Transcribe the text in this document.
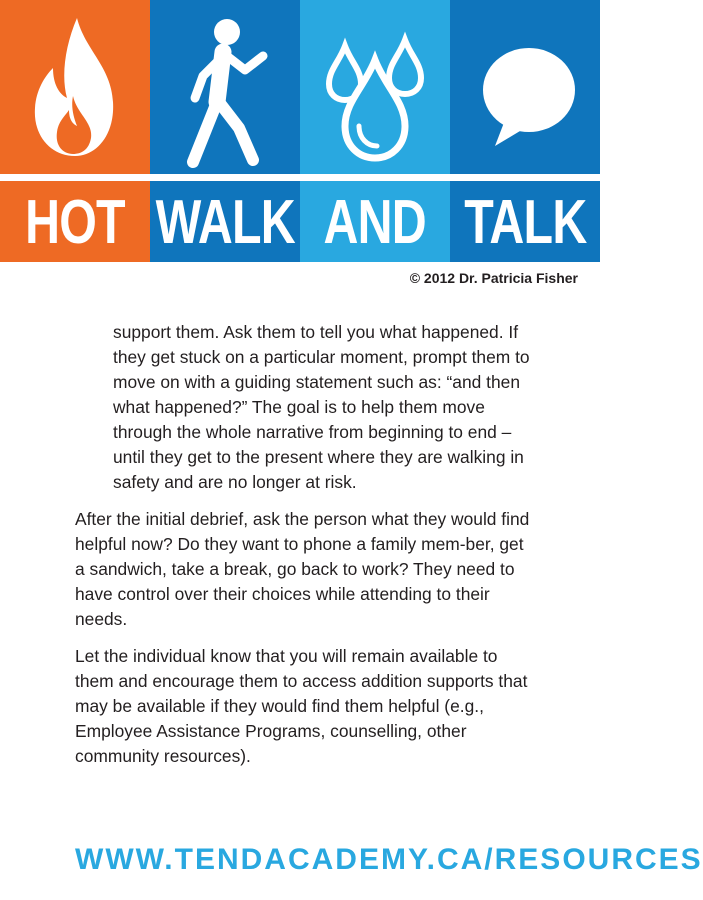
HOT WALK AND TALK
© 2012 Dr. Patricia Fisher

support them. Ask them to tell you what happened. If they get stuck on a particular moment, prompt them to move on with a guiding statement such as: “and then what happened?” The goal is to help them move through the whole narrative from beginning to end – until they get to the present where they are walking in safety and are no longer at risk.

After the initial debrief, ask the person what they would find helpful now? Do they want to phone a family mem-ber, get a sandwich, take a break, go back to work? They need to have control over their choices while attending to their needs.

Let the individual know that you will remain available to them and encourage them to access addition supports that may be available if they would find them helpful (e.g., Employee Assistance Programs, counselling, other community resources).

WWW.TENDACADEMY.CA/RESOURCES
